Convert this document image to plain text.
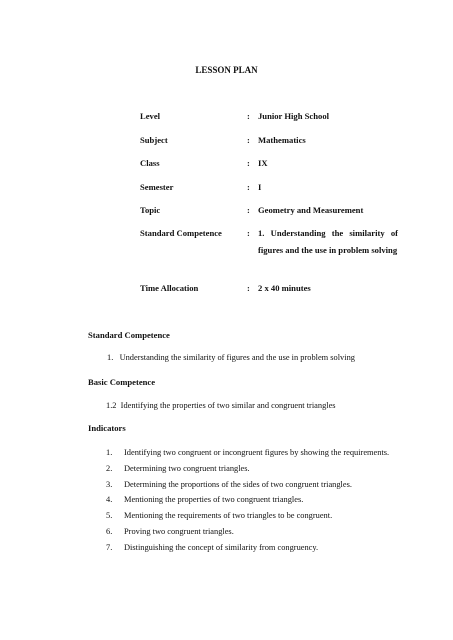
LESSON PLAN
Level	: Junior High School
Subject	: Mathematics
Class	: IX
Semester	: I
Topic	: Geometry and Measurement
Standard Competence	: 1. Understanding the similarity of figures and the use in problem solving
Time Allocation	: 2 x 40 minutes
Standard Competence
1. Understanding the similarity of figures and the use in problem solving
Basic Competence
1.2 Identifying the properties of two similar and congruent triangles
Indicators
1. Identifying two congruent or incongruent figures by showing the requirements.
2. Determining two congruent triangles.
3. Determining the proportions of the sides of two congruent triangles.
4. Mentioning the properties of two congruent triangles.
5. Mentioning the requirements of two triangles to be congruent.
6. Proving two congruent triangles.
7. Distinguishing the concept of similarity from congruency.
